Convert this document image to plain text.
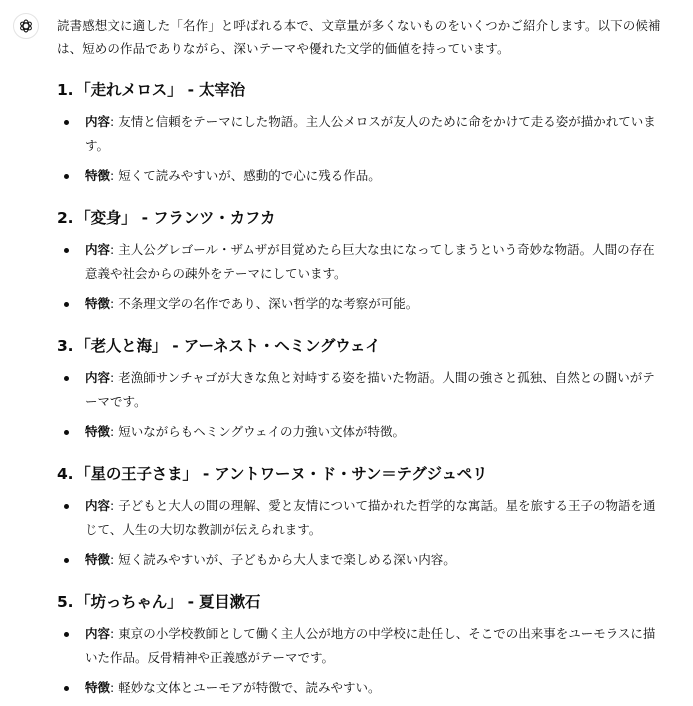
読書感想文に適した「名作」と呼ばれる本で、文章量が多くないものをいくつかご紹介します。以下の候補は、短めの作品でありながら、深いテーマや優れた文学的価値を持っています。

1. 「走れメロス」 - 太宰治
内容: 友情と信頼をテーマにした物語。主人公メロスが友人のために命をかけて走る姿が描かれています。
特徴: 短くて読みやすいが、感動的で心に残る作品。
2. 「変身」 - フランツ・カフカ
内容: 主人公グレゴール・ザムザが目覚めたら巨大な虫になってしまうという奇妙な物語。人間の存在意義や社会からの疎外をテーマにしています。
特徴: 不条理文学の名作であり、深い哲学的な考察が可能。
3. 「老人と海」 - アーネスト・ヘミングウェイ
内容: 老漁師サンチャゴが大きな魚と対峙する姿を描いた物語。人間の強さと孤独、自然との闘いがテーマです。
特徴: 短いながらもヘミングウェイの力強い文体が特徴。
4. 「星の王子さま」 - アントワーヌ・ド・サン＝テグジュペリ
内容: 子どもと大人の間の理解、愛と友情について描かれた哲学的な寓話。星を旅する王子の物語を通じて、人生の大切な教訓が伝えられます。
特徴: 短く読みやすいが、子どもから大人まで楽しめる深い内容。
5. 「坊っちゃん」 - 夏目漱石
内容: 東京の小学校教師として働く主人公が地方の中学校に赴任し、そこでの出来事をユーモラスに描いた作品。反骨精神や正義感がテーマです。
特徴: 軽妙な文体とユーモアが特徴で、読みやすい。
